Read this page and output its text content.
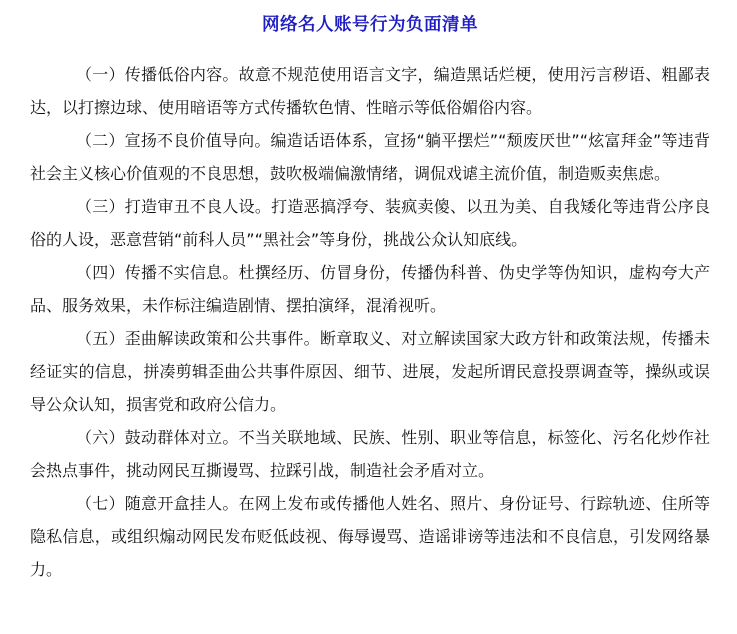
网络名人账号行为负面清单

（一）传播低俗内容。故意不规范使用语言文字，编造黑话烂梗，使用污言秽语、粗鄙表达，以打擦边球、使用暗语等方式传播软色情、性暗示等低俗媚俗内容。

（二）宣扬不良价值导向。编造话语体系，宣扬“躺平摆烂”“颓废厌世”“炫富拜金”等违背社会主义核心价值观的不良思想，鼓吹极端偏激情绪，调侃戏谑主流价值，制造贩卖焦虑。

（三）打造审丑不良人设。打造恶搞浮夸、装疯卖傻、以丑为美、自我矮化等违背公序良俗的人设，恶意营销“前科人员”“黑社会”等身份，挑战公众认知底线。

（四）传播不实信息。杜撰经历、仿冒身份，传播伪科普、伪史学等伪知识，虚构夸大产品、服务效果，未作标注编造剧情、摆拍演绎，混淆视听。

（五）歪曲解读政策和公共事件。断章取义、对立解读国家大政方针和政策法规，传播未经证实的信息，拼凑剪辑歪曲公共事件原因、细节、进展，发起所谓民意投票调查等，操纵或误导公众认知，损害党和政府公信力。

（六）鼓动群体对立。不当关联地域、民族、性别、职业等信息，标签化、污名化炒作社会热点事件，挑动网民互撕谩骂、拉踩引战，制造社会矛盾对立。

（七）随意开盒挂人。在网上发布或传播他人姓名、照片、身份证号、行踪轨迹、住所等隐私信息，或组织煽动网民发布贬低歧视、侮辱谩骂、造谣诽谤等违法和不良信息，引发网络暴力。
